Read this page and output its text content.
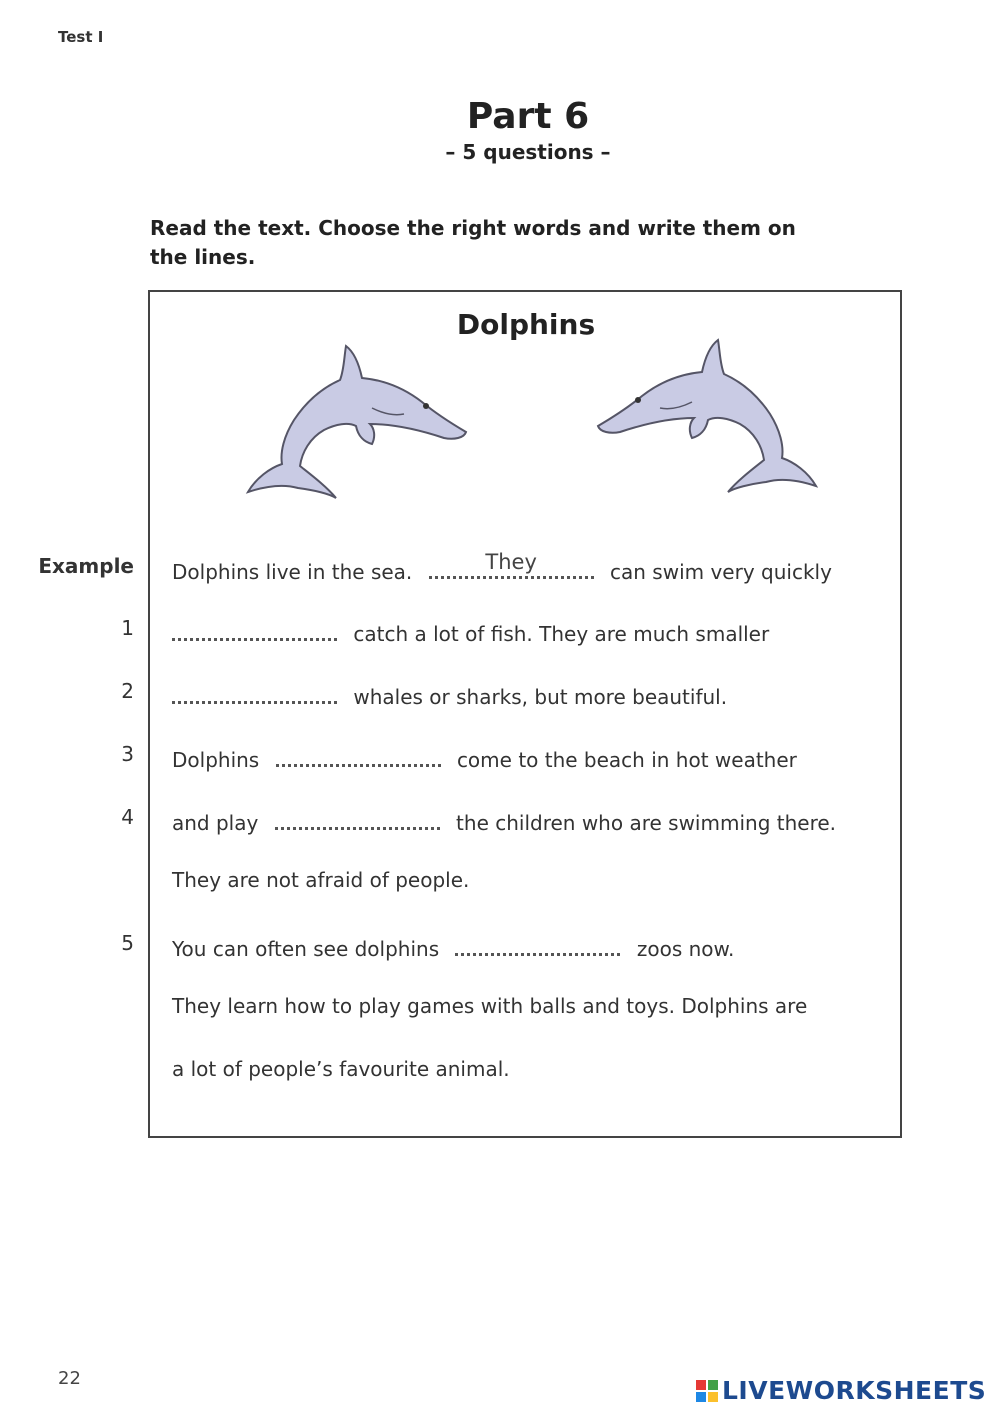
Test I
Part 6
– 5 questions –
Read the text. Choose the right words and write them on the lines.
Dolphins
Example Dolphins live in the sea.	They	can swim very quickly
1	catch a lot of fish. They are much smaller
2	whales or sharks, but more beautiful.
3 Dolphins	come to the beach in hot weather
4 and play	the children who are swimming there.
They are not afraid of people.
5 You can often see dolphins	zoos now.
They learn how to play games with balls and toys. Dolphins are
a lot of people’s favourite animal.
22	LIVEWORKSHEETS
